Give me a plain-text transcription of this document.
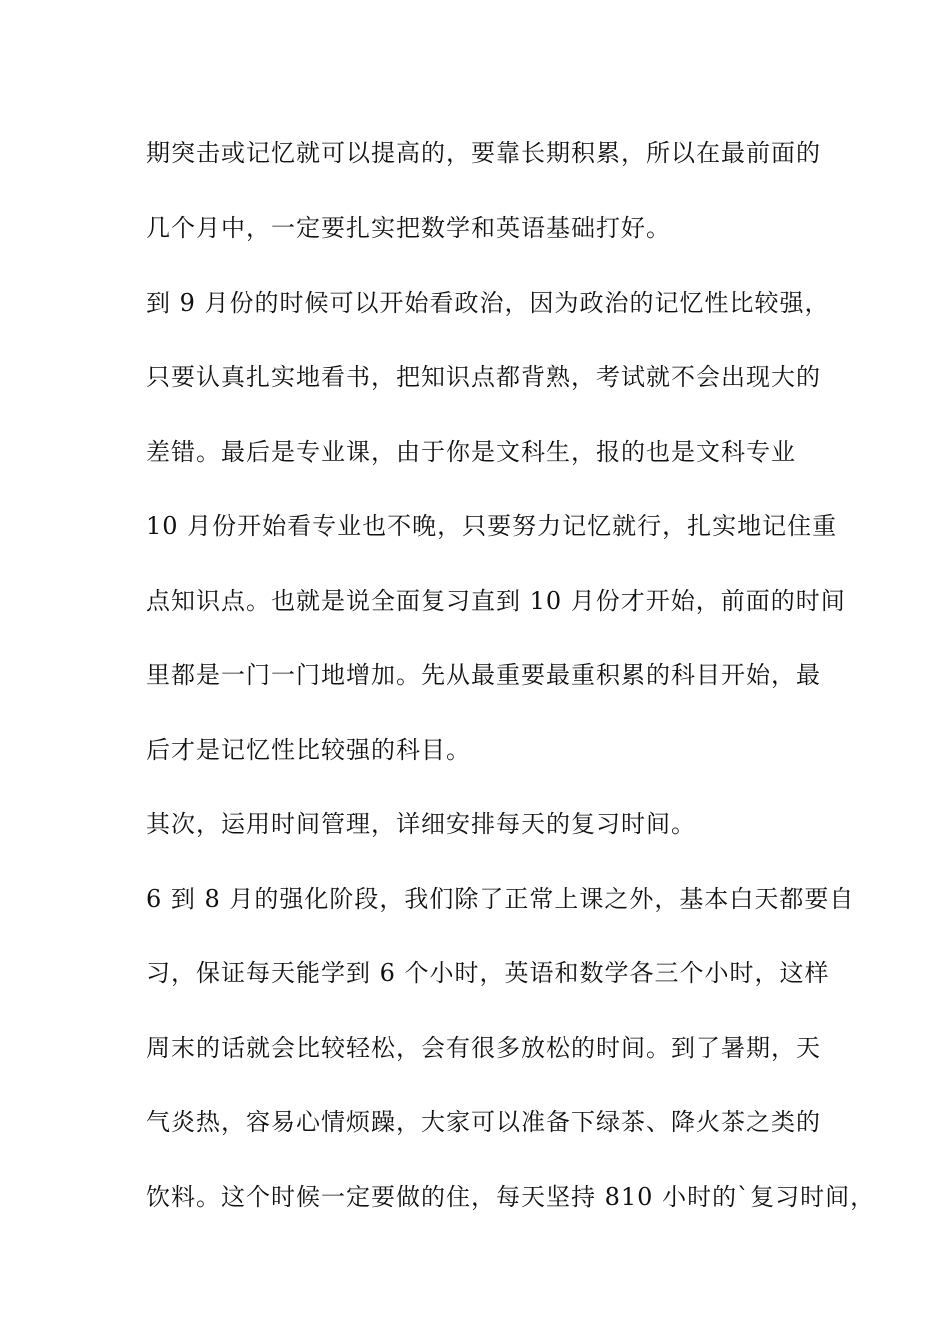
期突击或记忆就可以提高的，要靠长期积累，所以在最前面的

几个月中，一定要扎实把数学和英语基础打好。

到 9 月份的时候可以开始看政治，因为政治的记忆性比较强，

只要认真扎实地看书，把知识点都背熟，考试就不会出现大的

差错。最后是专业课，由于你是文科生，报的也是文科专业

10 月份开始看专业也不晚，只要努力记忆就行，扎实地记住重

点知识点。也就是说全面复习直到 10 月份才开始，前面的时间

里都是一门一门地增加。先从最重要最重积累的科目开始，最

后才是记忆性比较强的科目。

其次，运用时间管理，详细安排每天的复习时间。

6 到 8 月的强化阶段，我们除了正常上课之外，基本白天都要自

习，保证每天能学到 6 个小时，英语和数学各三个小时，这样

周末的话就会比较轻松，会有很多放松的时间。到了暑期，天

气炎热，容易心情烦躁，大家可以准备下绿茶、降火茶之类的

饮料。这个时候一定要做的住，每天坚持 810 小时的`复习时间，
